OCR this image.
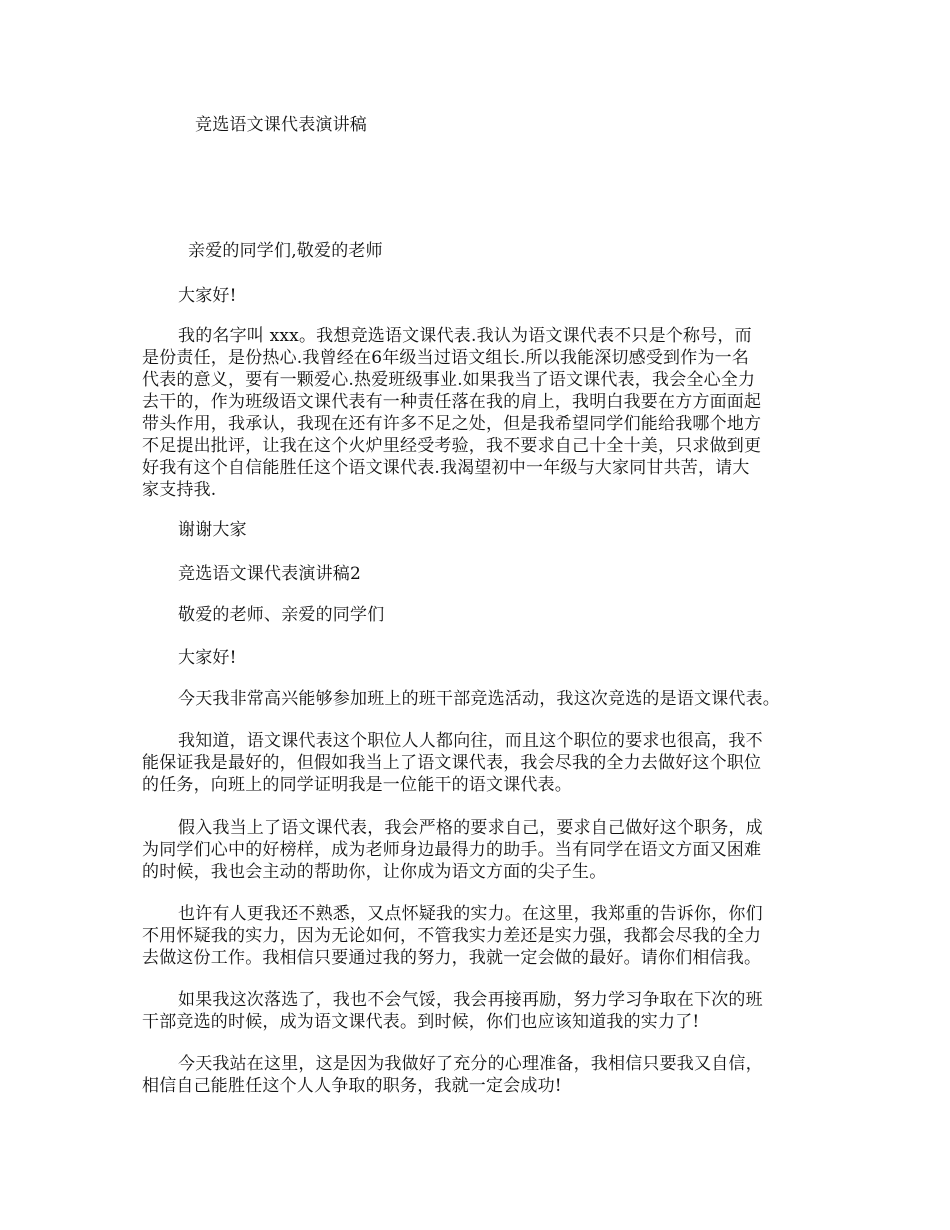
竞选语文课代表演讲稿
亲爱的同学们,敬爱的老师
大家好!
我的名字叫 xxx。我想竞选语文课代表.我认为语文课代表不只是个称号，而
是份责任，是份热心.我曾经在6年级当过语文组长.所以我能深切感受到作为一名
代表的意义，要有一颗爱心.热爱班级事业.如果我当了语文课代表，我会全心全力
去干的，作为班级语文课代表有一种责任落在我的肩上，我明白我要在方方面面起
带头作用，我承认，我现在还有许多不足之处，但是我希望同学们能给我哪个地方
不足提出批评，让我在这个火炉里经受考验，我不要求自己十全十美，只求做到更
好我有这个自信能胜任这个语文课代表.我渴望初中一年级与大家同甘共苦，请大
家支持我.
谢谢大家
竞选语文课代表演讲稿2
敬爱的老师、亲爱的同学们
大家好!
今天我非常高兴能够参加班上的班干部竞选活动，我这次竞选的是语文课代表。
我知道，语文课代表这个职位人人都向往，而且这个职位的要求也很高，我不
能保证我是最好的，但假如我当上了语文课代表，我会尽我的全力去做好这个职位
的任务，向班上的同学证明我是一位能干的语文课代表。
假入我当上了语文课代表，我会严格的要求自己，要求自己做好这个职务，成
为同学们心中的好榜样，成为老师身边最得力的助手。当有同学在语文方面又困难
的时候，我也会主动的帮助你，让你成为语文方面的尖子生。
也许有人更我还不熟悉，又点怀疑我的实力。在这里，我郑重的告诉你，你们
不用怀疑我的实力，因为无论如何，不管我实力差还是实力强，我都会尽我的全力
去做这份工作。我相信只要通过我的努力，我就一定会做的最好。请你们相信我。
如果我这次落选了，我也不会气馁，我会再接再励，努力学习争取在下次的班
干部竞选的时候，成为语文课代表。到时候，你们也应该知道我的实力了!
今天我站在这里，这是因为我做好了充分的心理准备，我相信只要我又自信，
相信自己能胜任这个人人争取的职务，我就一定会成功!
